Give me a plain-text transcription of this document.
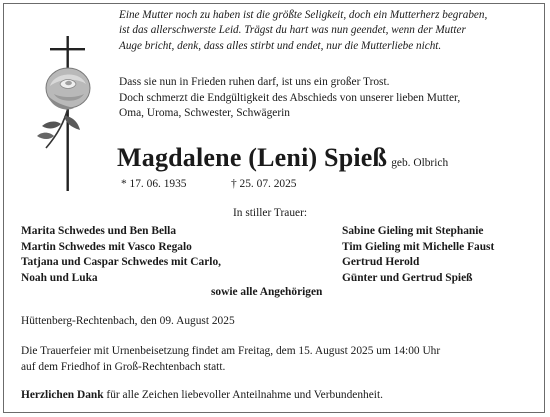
Eine Mutter noch zu haben ist die größte Seligkeit, doch ein Mutterherz begraben,
ist das allerschwerste Leid. Trägst du hart was nun geendet, wenn der Mutter
Auge bricht, denk, dass alles stirbt und endet, nur die Mutterliebe nicht.
Dass sie nun in Frieden ruhen darf, ist uns ein großer Trost.
Doch schmerzt die Endgültigkeit des Abschieds von unserer lieben Mutter,
Oma, Uroma, Schwester, Schwägerin
Magdalene (Leni) Spieß geb. Olbrich
* 17. 06. 1935	† 25. 07. 2025
In stiller Trauer:
Marita Schwedes und Ben Bella
Martin Schwedes mit Vasco Regalo
Tatjana und Caspar Schwedes mit Carlo,
Noah und Luka
Sabine Gieling mit Stephanie
Tim Gieling mit Michelle Faust
Gertrud Herold
Günter und Gertrud Spieß
sowie alle Angehörigen
Hüttenberg-Rechtenbach, den 09. August 2025
Die Trauerfeier mit Urnenbeisetzung findet am Freitag, dem 15. August 2025 um 14:00 Uhr
auf dem Friedhof in Groß-Rechtenbach statt.
Herzlichen Dank für alle Zeichen liebevoller Anteilnahme und Verbundenheit.
